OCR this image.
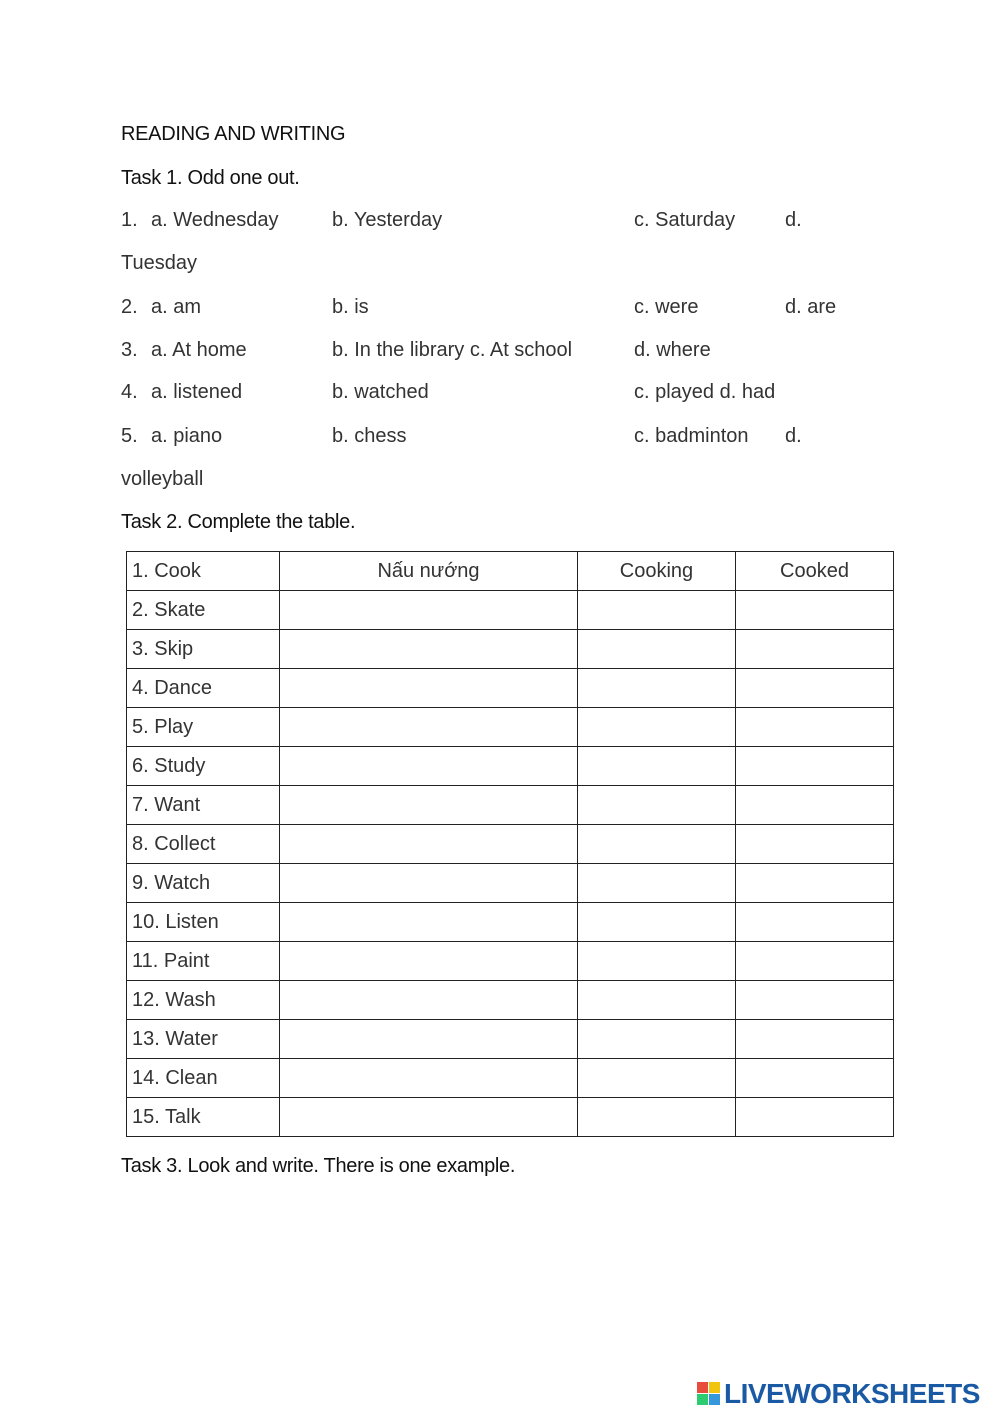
READING AND WRITING
Task 1. Odd one out.
1. a. Wednesday	b. Yesterday	c. Saturday d.
Tuesday
2. a. am	b. is	c. were	d. are
3. a. At home	b. In the library c. At school	d. where
4. a. listened	b. watched	c. played d. had
5. a. piano	b. chess	c. badminton d.
volleyball
Task 2. Complete the table.
1. Cook	Nấu nướng	Cooking	Cooked
2. Skate			
3. Skip			
4. Dance			
5. Play			
6. Study			
7. Want			
8. Collect			
9. Watch			
10. Listen			
11. Paint			
12. Wash			
13. Water			
14. Clean			
15. Talk			
Task 3. Look and write. There is one example.
LIVEWORKSHEETS
